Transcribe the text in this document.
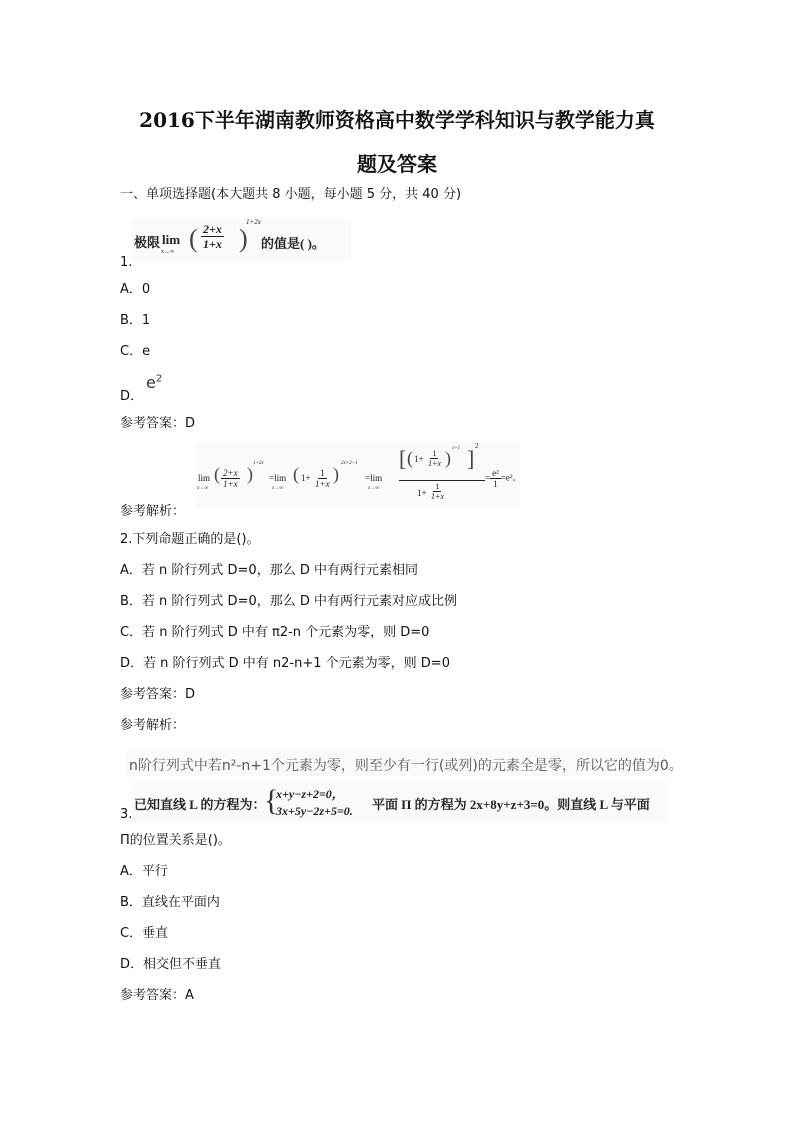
2016下半年湖南教师资格高中数学学科知识与教学能力真
题及答案
一、单项选择题(本大题共 8 小题，每小题 5 分，共 40 分)
极限 lim
x→∞ ( $\frac{2+x}{1+x}$ )
1+2x
的值是( )。
1.
A．0
B．1
C．e
D．
$e^2$
参考答案：D
lim
x→∞
( $\frac{2+x}{1+x}$ )
1+2x
=lim
x→∞
( $1+ \frac{1}{1+x}$ )
2x+2−1
=lim
x→∞
[ ( $1+ \frac{1}{1+x}$ ) x+1 ] 2
$1+ \frac{1}{1+x}$
= $\frac{\text{e²}}{1} =e^2$。
参考解析：
2.下列命题正确的是()。
A．若 n 阶行列式 D=0，那么 D 中有两行元素相同
B．若 n 阶行列式 D=0，那么 D 中有两行元素对应成比例
C．若 n 阶行列式 D 中有 π2-n 个元素为零，则 D=0
D．若 n 阶行列式 D 中有 n2-n+1 个元素为零，则 D=0
参考答案：D
参考解析：
n阶行列式中若n²-n+1个元素为零，则至少有一行(或列)的元素全是零，所以它的值为0。
已知直线 L 的方程为：
{
x+y−z+2=0，
3x+5y−2z+5=0. 平面 Π 的方程为 2x+8y+z+3=0。则直线 L 与平面
3.
Π的位置关系是()。
A．平行
B．直线在平面内
C．垂直
D．相交但不垂直
参考答案：A
